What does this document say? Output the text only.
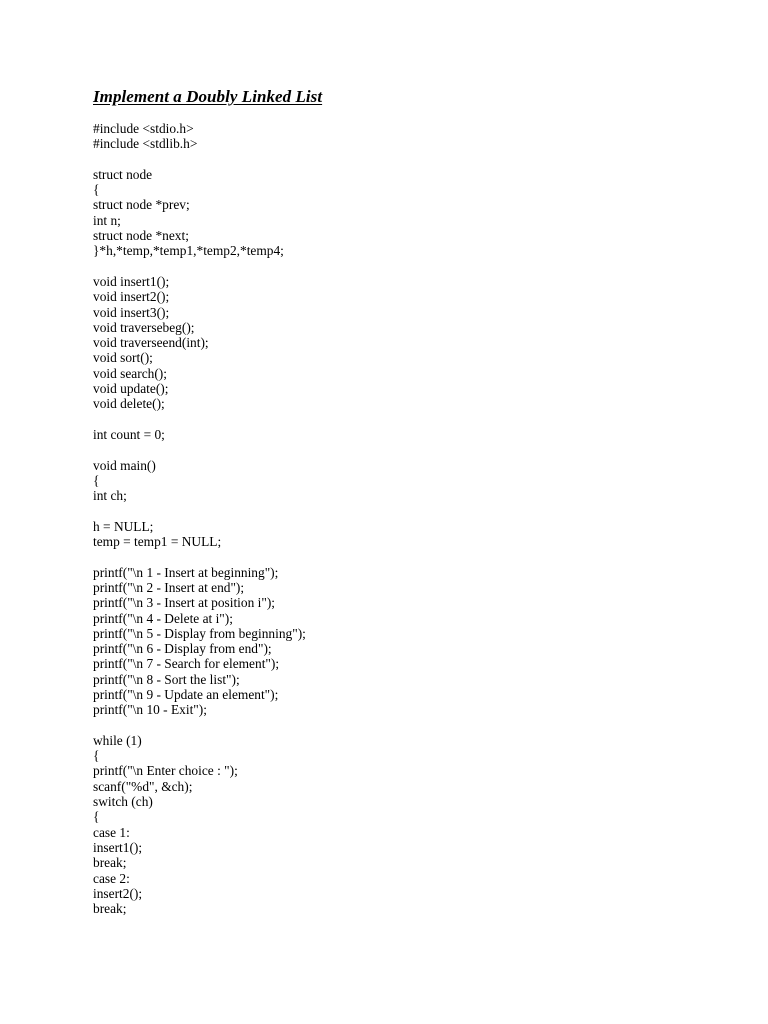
Implement a Doubly Linked List
#include <stdio.h>
#include <stdlib.h>
struct node
{
struct node *prev;
int n;
struct node *next;
}*h,*temp,*temp1,*temp2,*temp4;
void insert1();
void insert2();
void insert3();
void traversebeg();
void traverseend(int);
void sort();
void search();
void update();
void delete();
int count = 0;
void main()
{
int ch;
h = NULL;
temp = temp1 = NULL;
printf("\n 1 - Insert at beginning");
printf("\n 2 - Insert at end");
printf("\n 3 - Insert at position i");
printf("\n 4 - Delete at i");
printf("\n 5 - Display from beginning");
printf("\n 6 - Display from end");
printf("\n 7 - Search for element");
printf("\n 8 - Sort the list");
printf("\n 9 - Update an element");
printf("\n 10 - Exit");
while (1)
{
printf("\n Enter choice : ");
scanf("%d", &ch);
switch (ch)
{
case 1:
insert1();
break;
case 2:
insert2();
break;
